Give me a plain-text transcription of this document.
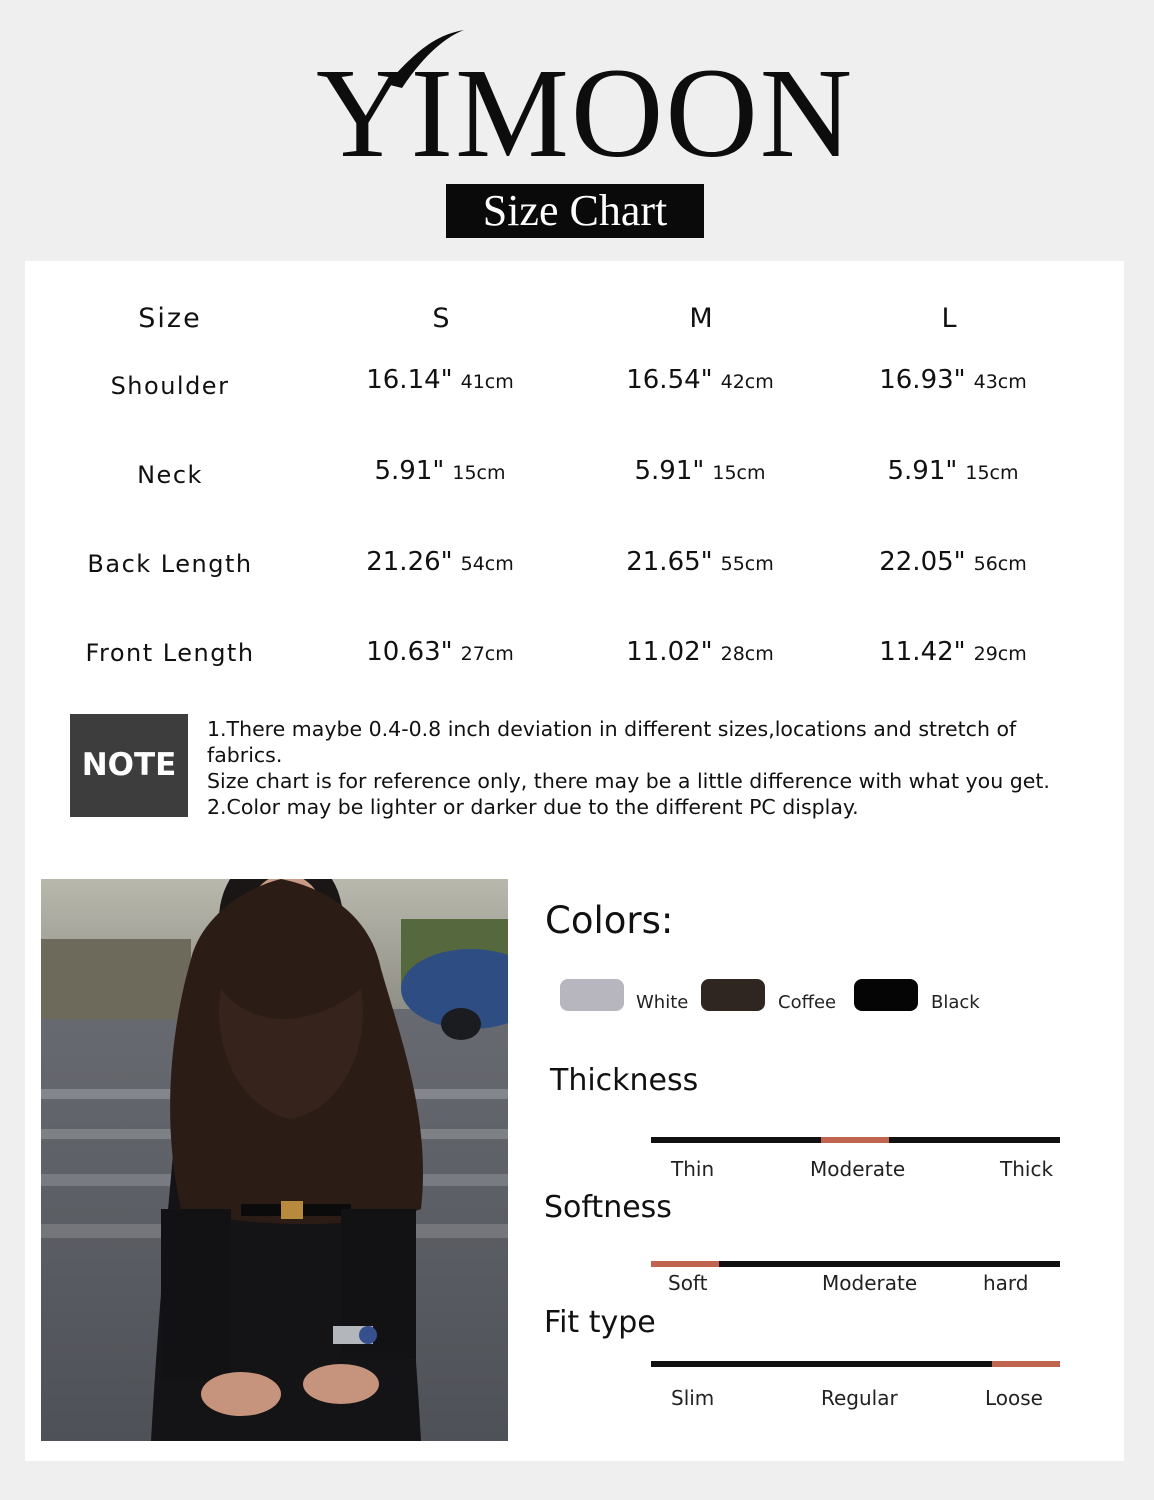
YIMOON
Size Chart
Size	S	M	L
Shoulder	16.14" 41cm	16.54" 42cm	16.93" 43cm
Neck	5.91" 15cm	5.91" 15cm	5.91" 15cm
Back Length	21.26" 54cm	21.65" 55cm	22.05" 56cm
Front Length	10.63" 27cm	11.02" 28cm	11.42" 29cm
NOTE
1.There maybe 0.4-0.8 inch deviation in different sizes,locations and stretch of fabrics.
Size chart is for reference only, there may be a little difference with what you get.
2.Color may be lighter or darker due to the different PC display.
Colors:
White	Coffee	Black
Thickness
Thin	Moderate	Thick
Softness
Soft	Moderate	hard
Fit type
Slim	Regular	Loose
